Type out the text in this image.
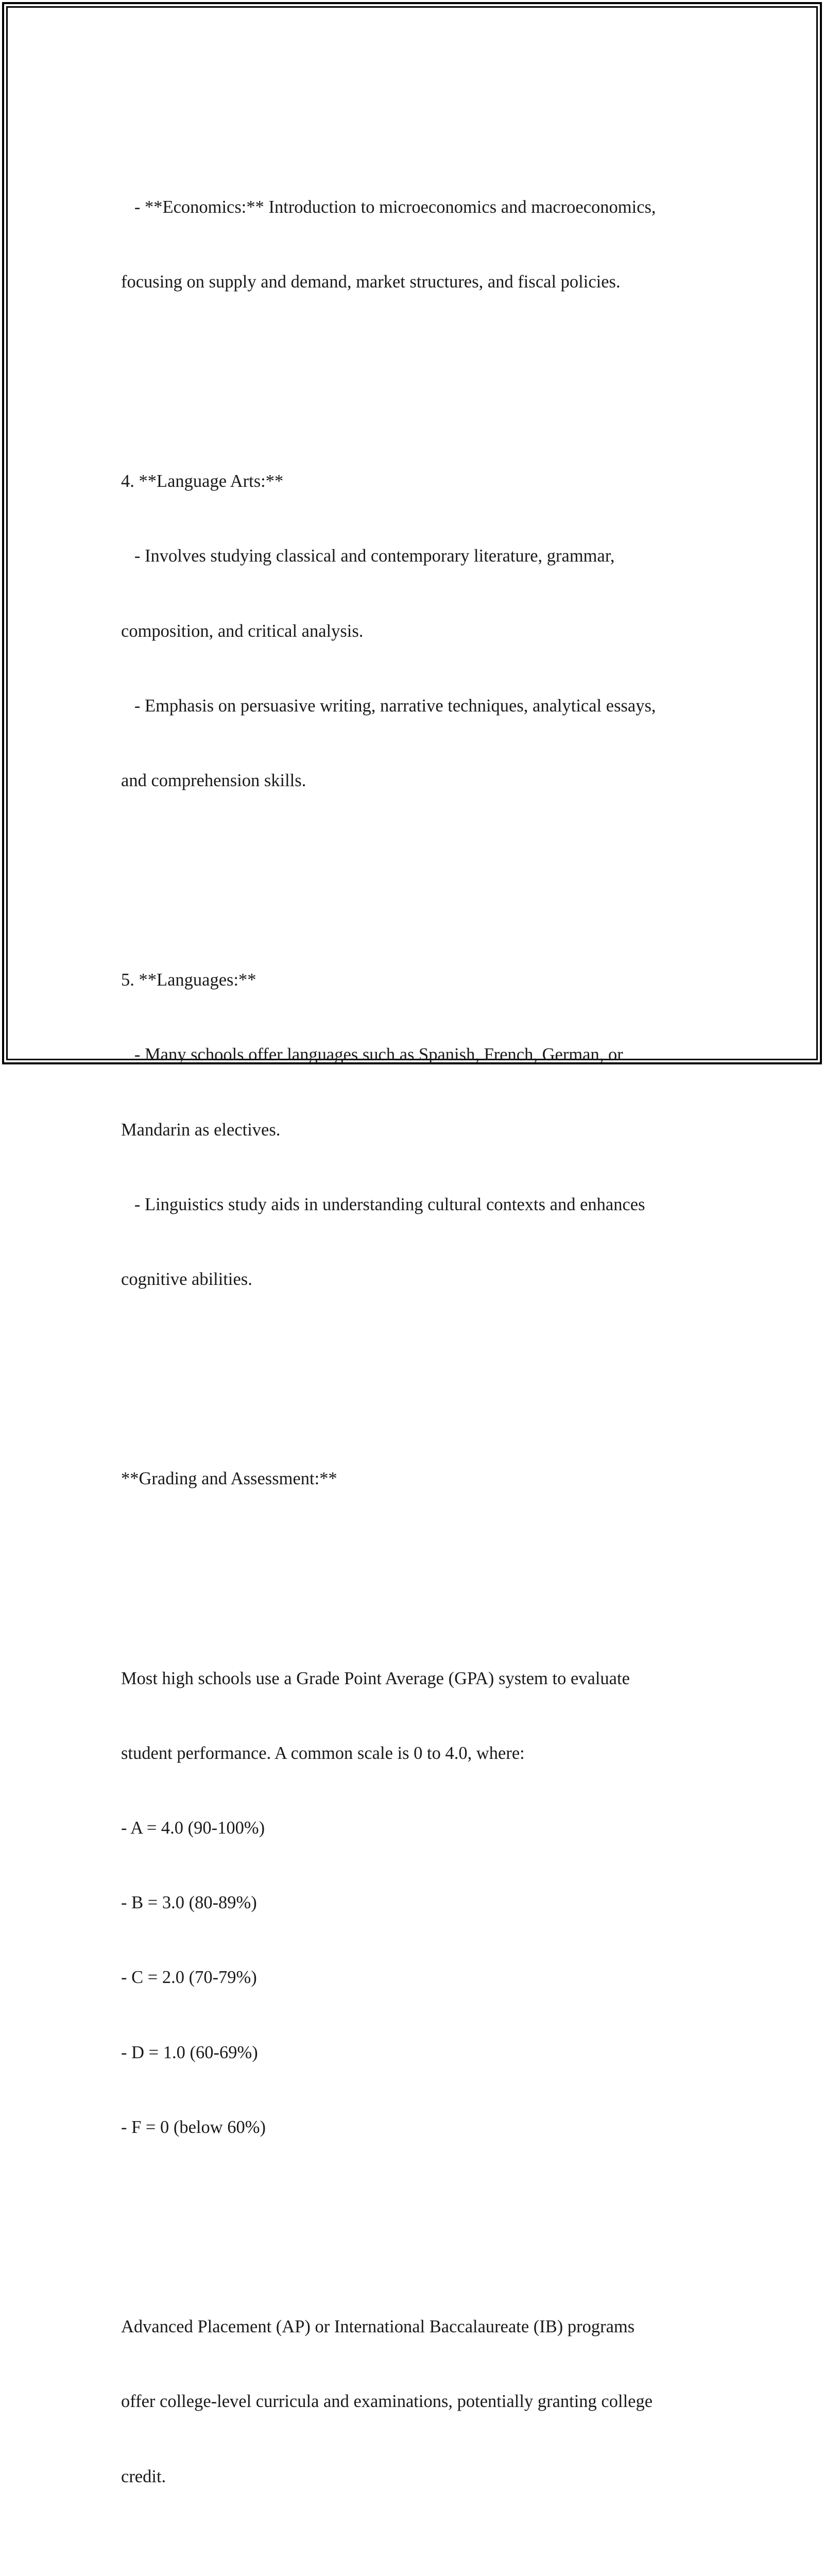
- **Economics:** Introduction to microeconomics and macroeconomics,

focusing on supply and demand, market structures, and fiscal policies.

4. **Language Arts:**

- Involves studying classical and contemporary literature, grammar,

composition, and critical analysis.

- Emphasis on persuasive writing, narrative techniques, analytical essays,

and comprehension skills.

5. **Languages:**

- Many schools offer languages such as Spanish, French, German, or

Mandarin as electives.

- Linguistics study aids in understanding cultural contexts and enhances

cognitive abilities.

**Grading and Assessment:**

Most high schools use a Grade Point Average (GPA) system to evaluate

student performance. A common scale is 0 to 4.0, where:

- A = 4.0 (90-100%)

- B = 3.0 (80-89%)

- C = 2.0 (70-79%)

- D = 1.0 (60-69%)

- F = 0 (below 60%)

Advanced Placement (AP) or International Baccalaureate (IB) programs

offer college-level curricula and examinations, potentially granting college

credit.
